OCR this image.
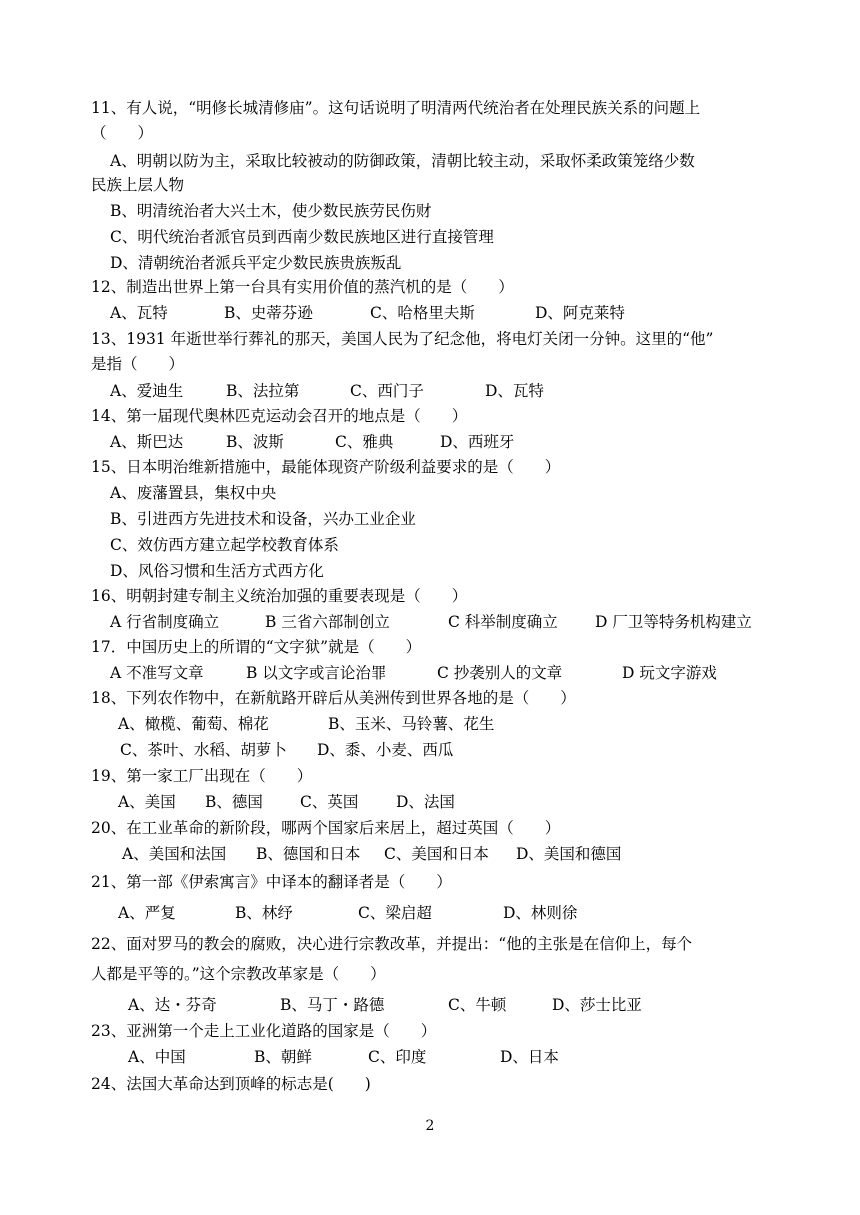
11、有人说，“明修长城清修庙”。这句话说明了明清两代统治者在处理民族关系的问题上
（　　）
A、明朝以防为主，采取比较被动的防御政策，清朝比较主动，采取怀柔政策笼络少数
民族上层人物
B、明清统治者大兴土木，使少数民族劳民伤财
C、明代统治者派官员到西南少数民族地区进行直接管理
D、清朝统治者派兵平定少数民族贵族叛乱
12、制造出世界上第一台具有实用价值的蒸汽机的是（　　）
A、瓦特	B、史蒂芬逊	C、哈格里夫斯	D、阿克莱特
13、1931 年逝世举行葬礼的那天，美国人民为了纪念他，将电灯关闭一分钟。这里的“他”
是指（　　）
A、爱迪生	B、法拉第	C、西门子	D、瓦特
14、第一届现代奥林匹克运动会召开的地点是（　　）
A、斯巴达	B、波斯	C、雅典	D、西班牙
15、日本明治维新措施中，最能体现资产阶级利益要求的是（　　）
A、废藩置县，集权中央
B、引进西方先进技术和设备，兴办工业企业
C、效仿西方建立起学校教育体系
D、风俗习惯和生活方式西方化
16、明朝封建专制主义统治加强的重要表现是（　　）
A 行省制度确立	B 三省六部制创立	C 科举制度确立 D 厂卫等特务机构建立
17．中国历史上的所谓的“文字狱”就是（　　）
A 不准写文章	B 以文字或言论治罪	C 抄袭别人的文章	D 玩文字游戏
18、下列农作物中，在新航路开辟后从美洲传到世界各地的是（　　）
A、橄榄、葡萄、棉花	B、玉米、马铃薯、花生
C、茶叶、水稻、胡萝卜 D、黍、小麦、西瓜
19、第一家工厂出现在（　　）
A、美国 B、德国 C、英国 D、法国
20、在工业革命的新阶段，哪两个国家后来居上，超过英国（　　）
A、美国和法国 B、德国和日本 C、美国和日本 D、美国和德国
21、第一部《伊索寓言》中译本的翻译者是（　　）
A、严复	B、林纾	C、梁启超	D、林则徐
22、面对罗马的教会的腐败，决心进行宗教改革，并提出：“他的主张是在信仰上，每个
人都是平等的。”这个宗教改革家是（　　）
A、达・芬奇	B、马丁・路德	C、牛顿	D、莎士比亚
23、亚洲第一个走上工业化道路的国家是（　　）
A、中国	B、朝鲜	C、印度	D、日本
24、法国大革命达到顶峰的标志是(　　)
2
